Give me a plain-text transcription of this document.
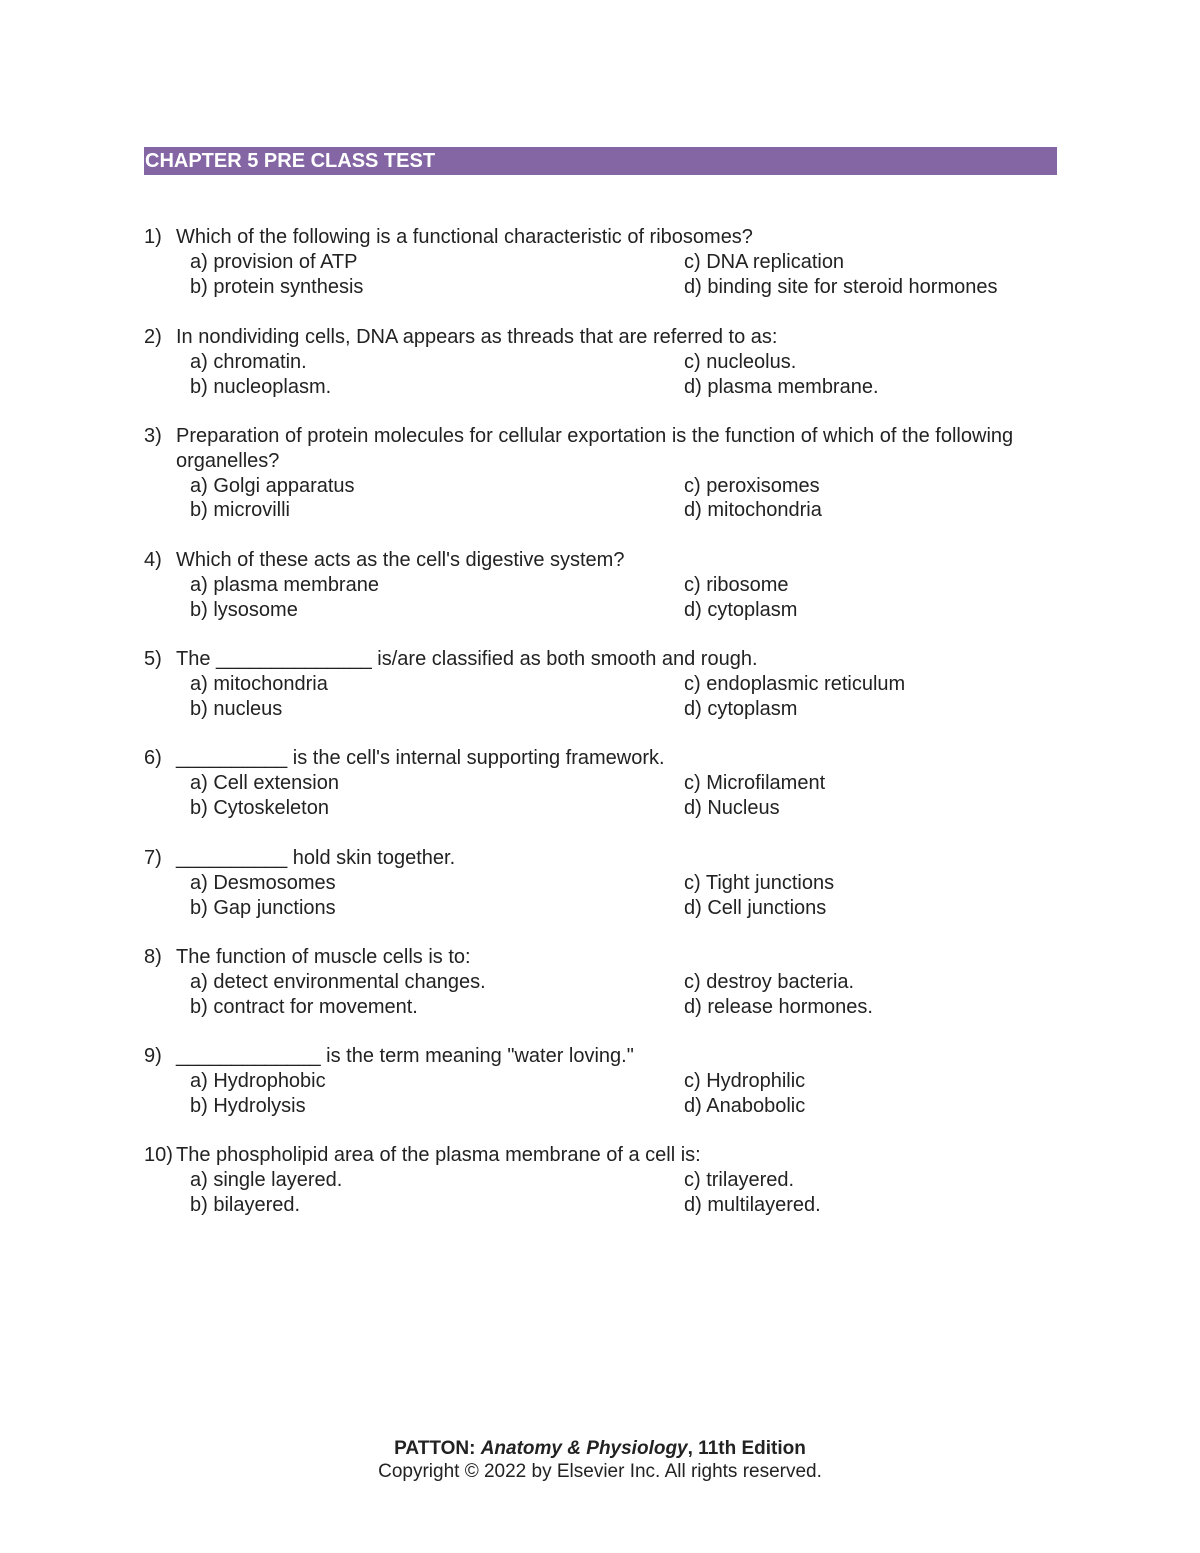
CHAPTER 5 PRE CLASS TEST
1) Which of the following is a functional characteristic of ribosomes?
a) provision of ATP
b) protein synthesis
c) DNA replication
d) binding site for steroid hormones
2) In nondividing cells, DNA appears as threads that are referred to as:
a) chromatin.
b) nucleoplasm.
c) nucleolus.
d) plasma membrane.
3) Preparation of protein molecules for cellular exportation is the function of which of the following organelles?
a) Golgi apparatus
b) microvilli
c) peroxisomes
d) mitochondria
4) Which of these acts as the cell's digestive system?
a) plasma membrane
b) lysosome
c) ribosome
d) cytoplasm
5) The ______________ is/are classified as both smooth and rough.
a) mitochondria
b) nucleus
c) endoplasmic reticulum
d) cytoplasm
6) __________ is the cell's internal supporting framework.
a) Cell extension
b) Cytoskeleton
c) Microfilament
d) Nucleus
7) __________ hold skin together.
a) Desmosomes
b) Gap junctions
c) Tight junctions
d) Cell junctions
8) The function of muscle cells is to:
a) detect environmental changes.
b) contract for movement.
c) destroy bacteria.
d) release hormones.
9) _____________ is the term meaning "water loving."
a) Hydrophobic
b) Hydrolysis
c) Hydrophilic
d) Anabobolic
10) The phospholipid area of the plasma membrane of a cell is:
a) single layered.
b) bilayered.
c) trilayered.
d) multilayered.
PATTON: Anatomy & Physiology, 11th Edition
Copyright © 2022 by Elsevier Inc. All rights reserved.
